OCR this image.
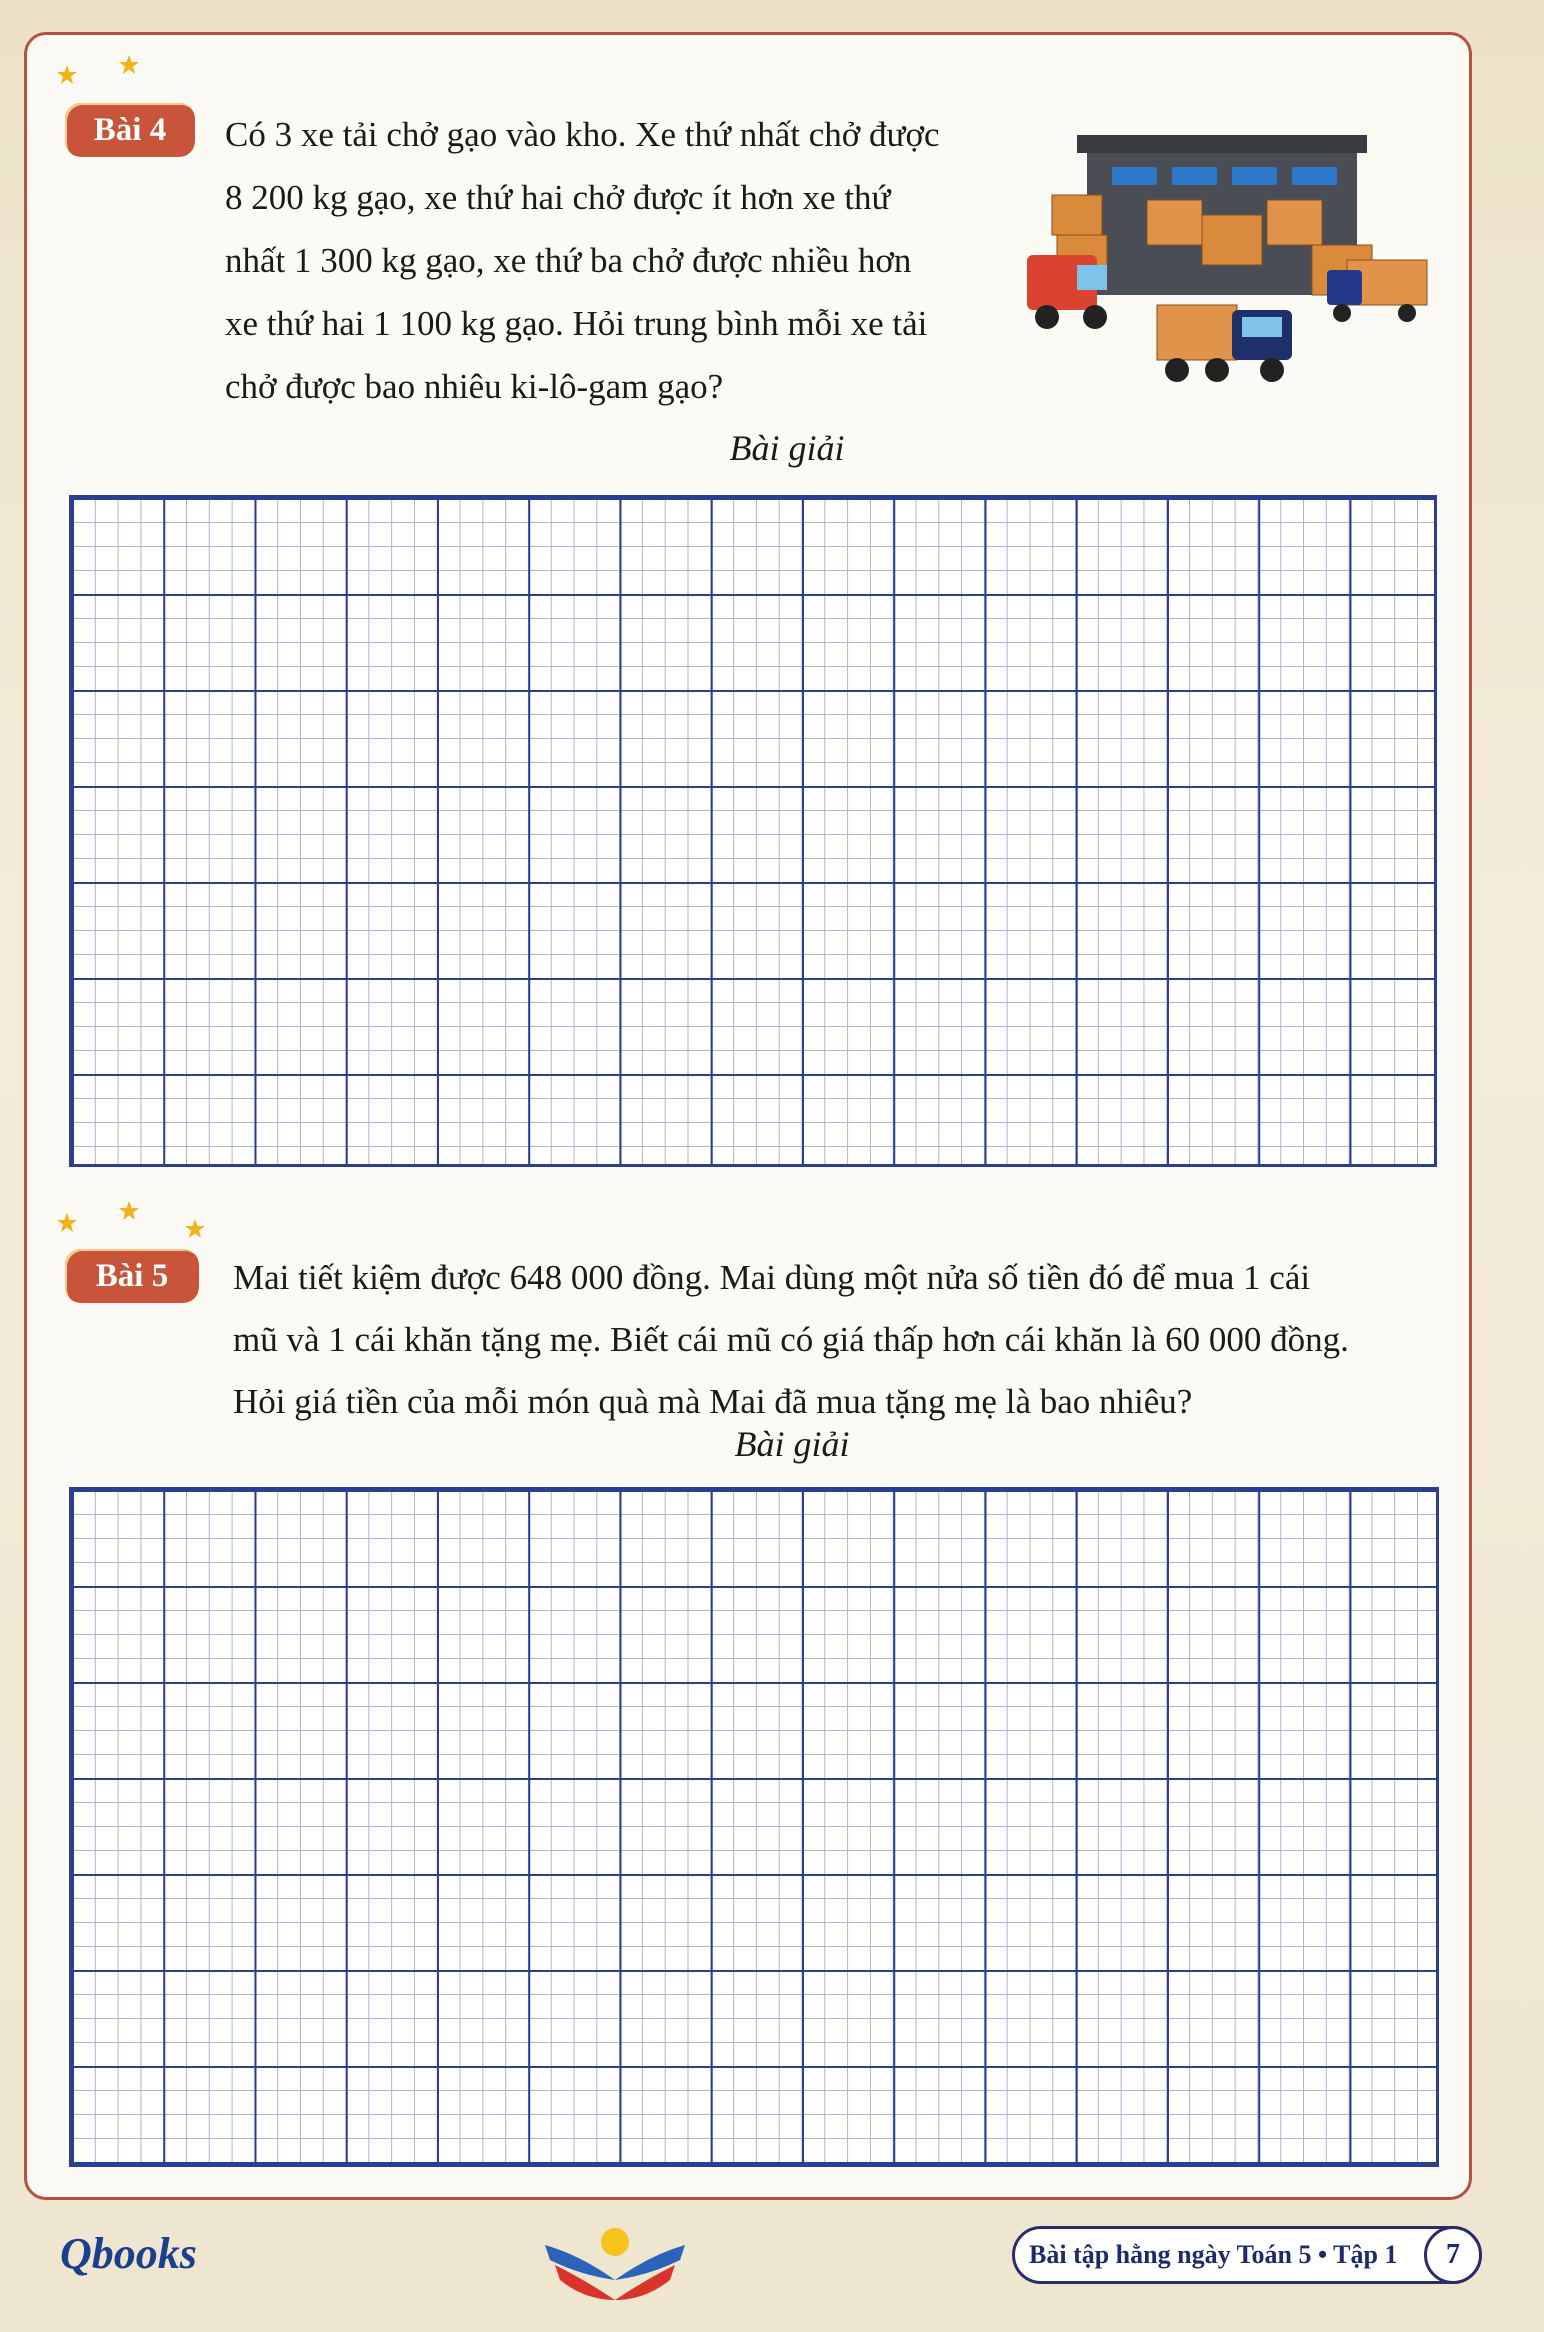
Bài 4	Có 3 xe tải chở gạo vào kho. Xe thứ nhất chở được
8 200 kg gạo, xe thứ hai chở được ít hơn xe thứ
nhất 1 300 kg gạo, xe thứ ba chở được nhiều hơn
xe thứ hai 1 100 kg gạo. Hỏi trung bình mỗi xe tải
chở được bao nhiêu ki-lô-gam gạo?
Bài giải
Bài 5	Mai tiết kiệm được 648 000 đồng. Mai dùng một nửa số tiền đó để mua 1 cái
mũ và 1 cái khăn tặng mẹ. Biết cái mũ có giá thấp hơn cái khăn là 60 000 đồng.
Hỏi giá tiền của mỗi món quà mà Mai đã mua tặng mẹ là bao nhiêu?
Bài giải
Qbooks	Bài tập hằng ngày Toán 5 • Tập 1	7
